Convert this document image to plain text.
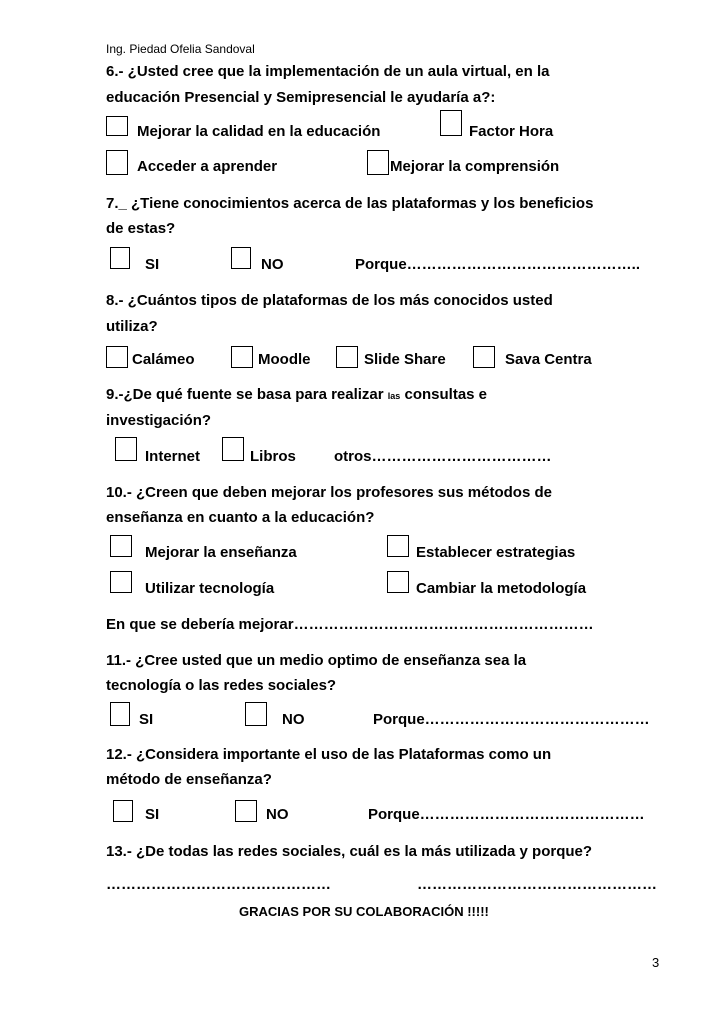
Ing. Piedad Ofelia Sandoval
6.- ¿Usted cree que la implementación de un aula virtual, en la
educación Presencial y Semipresencial le ayudaría a?:
Mejorar la calidad en la educación	Factor Hora
Acceder a aprender	Mejorar la comprensión
7._ ¿Tiene conocimientos acerca de las plataformas y los beneficios
de estas?
SI	NO	Porque………………………………………..
8.- ¿Cuántos tipos de plataformas de los más conocidos usted
utiliza?
Calámeo	Moodle	Slide Share	Sava Centra
9.-¿De qué fuente se basa para realizar las consultas e
investigación?
Internet	Libros	otros………………………………
10.- ¿Creen que deben mejorar los profesores sus métodos de
enseñanza en cuanto a la educación?
Mejorar la enseñanza	Establecer estrategias
Utilizar tecnología	Cambiar la metodología
En que se debería mejorar……………………………………………………
11.- ¿Cree usted que un medio optimo de enseñanza sea la
tecnología o las redes sociales?
SI	NO	Porque………………………………………
12.- ¿Considera importante el uso de las Plataformas como un
método de enseñanza?
SI	NO	Porque………………………………………
13.- ¿De todas las redes sociales, cuál es la más utilizada y porque?
………………………………………	…………………………………………
GRACIAS POR SU COLABORACIÓN !!!!!
3
